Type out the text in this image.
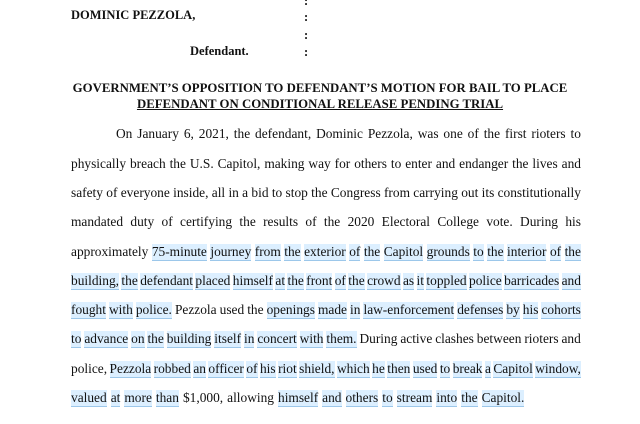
DOMINIC PEZZOLA,
Defendant.
:
:
:
:
GOVERNMENT’S OPPOSITION TO DEFENDANT’S MOTION FOR BAIL TO PLACE
DEFENDANT ON CONDITIONAL RELEASE PENDING TRIAL
On January 6, 2021, the defendant, Dominic Pezzola, was one of the first rioters to
physically breach the U.S. Capitol, making way for others to enter and endanger the lives and
safety of everyone inside, all in a bid to stop the Congress from carrying out its constitutionally
mandated duty of certifying the results of the 2020 Electoral College vote. During his
approximately 75-minute journey from the exterior of the Capitol grounds to the interior of the
building, the defendant placed himself at the front of the crowd as it toppled police barricades and
fought with police. Pezzola used the openings made in law-enforcement defenses by his cohorts
to advance on the building itself in concert with them. During active clashes between rioters and
police, Pezzola robbed an officer of his riot shield, which he then used to break a Capitol window,
valued at more than $1,000, allowing himself and others to stream into the Capitol.
